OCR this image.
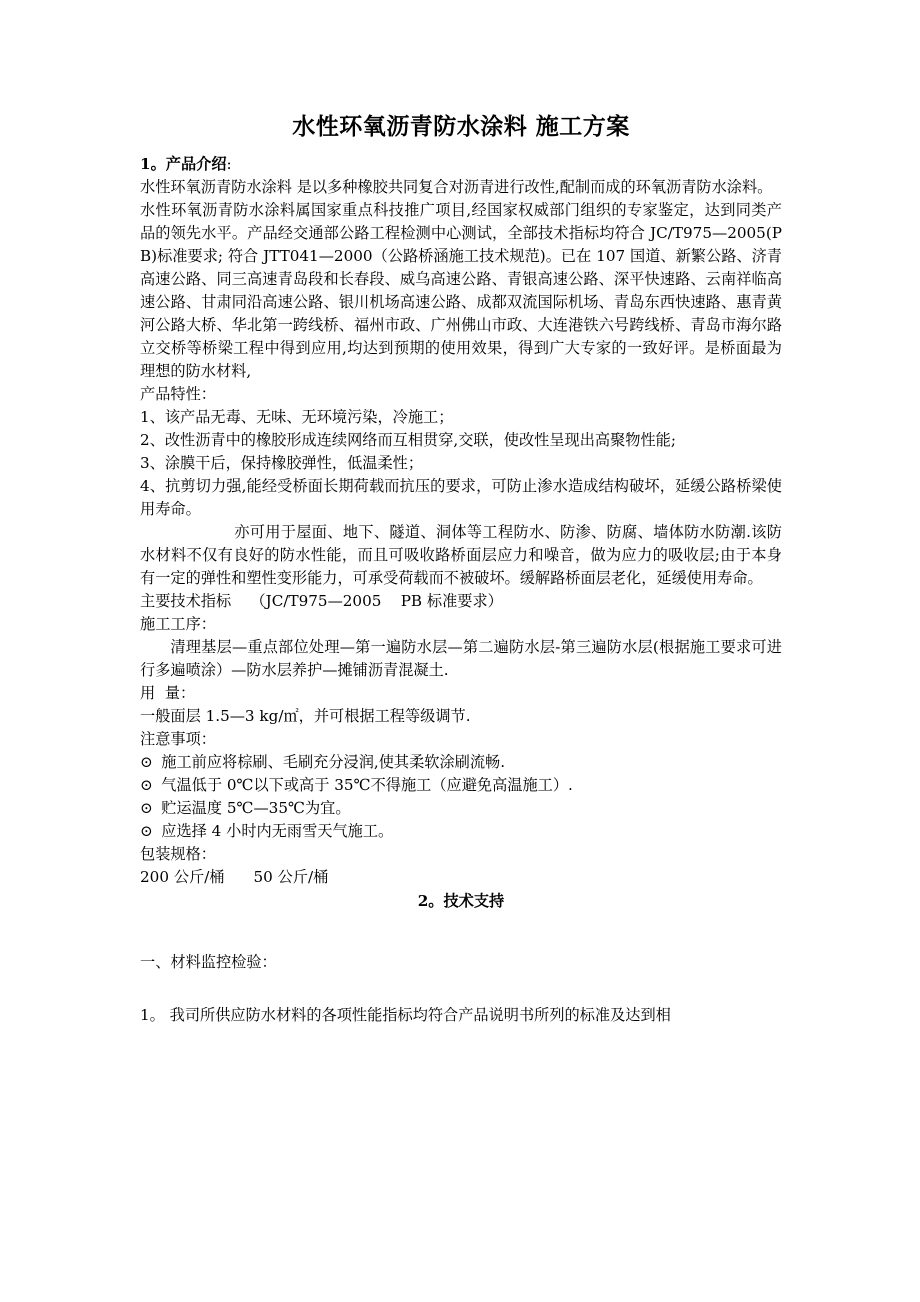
水性环氧沥青防水涂料 施工方案

1。产品介绍:

水性环氧沥青防水涂料 是以多种橡胶共同复合对沥青进行改性,配制而成的环氧沥青防水涂料。

水性环氧沥青防水涂料属国家重点科技推广项目,经国家权威部门组织的专家鉴定，达到同类产品的领先水平。产品经交通部公路工程检测中心测试，全部技术指标均符合 JC/T975—2005(PB)标准要求; 符合 JTT041—2000（公路桥涵施工技术规范)。已在 107 国道、新繁公路、济青高速公路、同三高速青岛段和长春段、威乌高速公路、青银高速公路、深平快速路、云南祥临高速公路、甘肃同沿高速公路、银川机场高速公路、成都双流国际机场、青岛东西快速路、惠青黄河公路大桥、华北第一跨线桥、福州市政、广州佛山市政、大连港铁六号跨线桥、青岛市海尔路立交桥等桥梁工程中得到应用,均达到预期的使用效果，得到广大专家的一致好评。是桥面最为理想的防水材料,

产品特性：

1、该产品无毒、无味、无环境污染，冷施工；

2、改性沥青中的橡胶形成连续网络而互相贯穿,交联，使改性呈现出高聚物性能;

3、涂膜干后，保持橡胶弹性，低温柔性；

4、抗剪切力强,能经受桥面长期荷载而抗压的要求，可防止渗水造成结构破坏，延缓公路桥梁使用寿命。

亦可用于屋面、地下、隧道、洞体等工程防水、防渗、防腐、墙体防水防潮.该防水材料不仅有良好的防水性能，而且可吸收路桥面层应力和噪音，做为应力的吸收层;由于本身有一定的弹性和塑性变形能力，可承受荷载而不被破坏。缓解路桥面层老化，延缓使用寿命。

主要技术指标    （JC/T975—2005    PB 标准要求）

施工工序：

清理基层—重点部位处理—第一遍防水层—第二遍防水层-第三遍防水层(根据施工要求可进行多遍喷涂）—防水层养护—摊铺沥青混凝土.

用  量：

一般面层 1.5—3 kg/㎡，并可根据工程等级调节.

注意事项：

⊙ 施工前应将棕刷、毛刷充分浸润,使其柔软涂刷流畅.

⊙ 气温低于 0℃以下或高于 35℃不得施工（应避免高温施工）.

⊙ 贮运温度 5℃—35℃为宜。

⊙ 应选择 4 小时内无雨雪天气施工。

包装规格：

200 公斤/桶      50 公斤/桶

2。技术支持

一、材料监控检验：

1。 我司所供应防水材料的各项性能指标均符合产品说明书所列的标准及达到相
